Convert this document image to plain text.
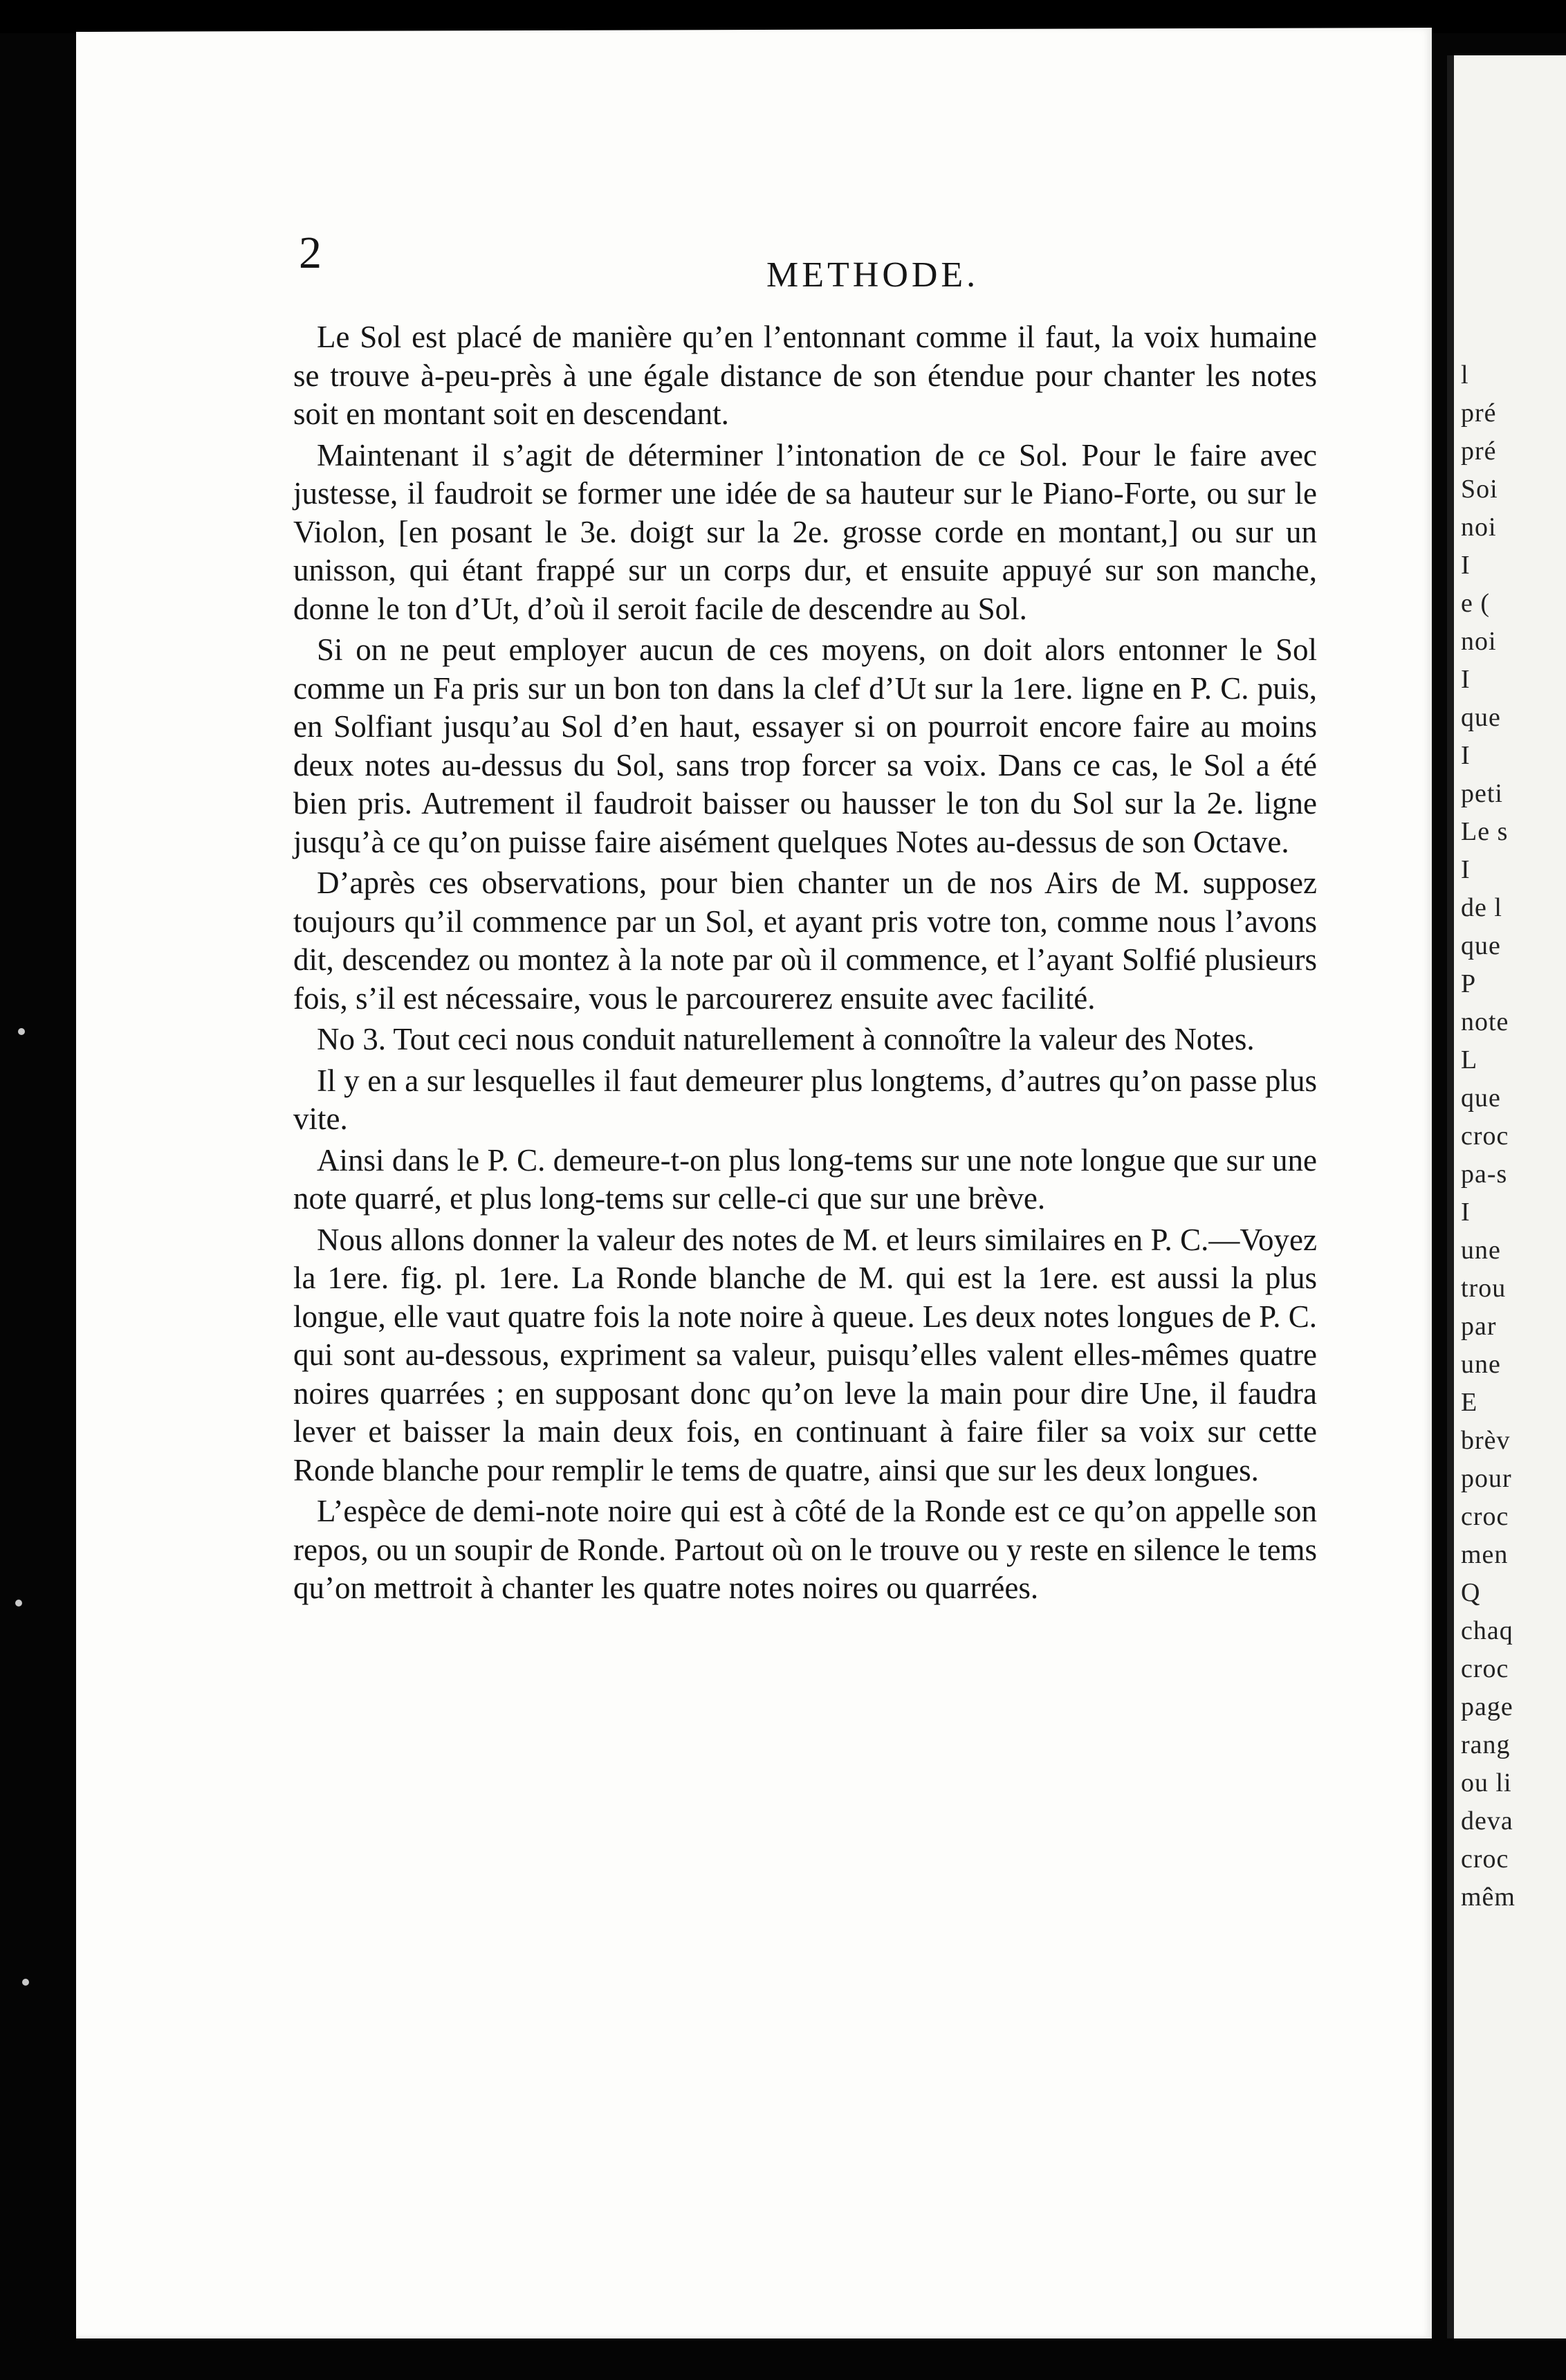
l
pré
pré
Soi
noi
I
e (
noi
I
que
I
peti
Le s
I
de l
que
P
note
L
que
croc
pa-s
I
une
trou
par
une
E
brèv
pour
croc
men
Q
chaq
croc
page
rang
ou li
deva
croc
mêm
2	METHODE.

Le Sol est placé de manière qu’en l’entonnant comme il faut, la voix humaine se trouve à-peu-près à une égale distance de son étendue pour chanter les notes soit en montant soit en descendant.

Maintenant il s’agit de déterminer l’intonation de ce Sol. Pour le faire avec justesse, il faudroit se former une idée de sa hauteur sur le Piano-Forte, ou sur le Violon, [en posant le 3e. doigt sur la 2e. grosse corde en montant,] ou sur un unisson, qui étant frappé sur un corps dur, et ensuite appuyé sur son manche, donne le ton d’Ut, d’où il seroit facile de descendre au Sol.

Si on ne peut employer aucun de ces moyens, on doit alors entonner le Sol comme un Fa pris sur un bon ton dans la clef d’Ut sur la 1ere. ligne en P. C. puis, en Solfiant jusqu’au Sol d’en haut, essayer si on pourroit encore faire au moins deux notes au-dessus du Sol, sans trop forcer sa voix. Dans ce cas, le Sol a été bien pris. Autrement il faudroit baisser ou hausser le ton du Sol sur la 2e. ligne jusqu’à ce qu’on puisse faire aisément quelques Notes au-dessus de son Octave.

D’après ces observations, pour bien chanter un de nos Airs de M. supposez toujours qu’il commence par un Sol, et ayant pris votre ton, comme nous l’avons dit, descendez ou montez à la note par où il commence, et l’ayant Solfié plusieurs fois, s’il est nécessaire, vous le parcourerez ensuite avec facilité.

No 3. Tout ceci nous conduit naturellement à connoître la valeur des Notes.

Il y en a sur lesquelles il faut demeurer plus longtems, d’autres qu’on passe plus vite.

Ainsi dans le P. C. demeure-t-on plus long-tems sur une note longue que sur une note quarré, et plus long-tems sur celle-ci que sur une brève.

Nous allons donner la valeur des notes de M. et leurs similaires en P. C.—Voyez la 1ere. fig. pl. 1ere. La Ronde blanche de M. qui est la 1ere. est aussi la plus longue, elle vaut quatre fois la note noire à queue. Les deux notes longues de P. C. qui sont au-dessous, expriment sa valeur, puisqu’elles valent elles-mêmes quatre noires quarrées ; en supposant donc qu’on leve la main pour dire Une, il faudra lever et baisser la main deux fois, en continuant à faire filer sa voix sur cette Ronde blanche pour remplir le tems de quatre, ainsi que sur les deux longues.

L’espèce de demi-note noire qui est à côté de la Ronde est ce qu’on appelle son repos, ou un soupir de Ronde. Partout où on le trouve ou y reste en silence le tems qu’on mettroit à chanter les quatre notes noires ou quarrées.
